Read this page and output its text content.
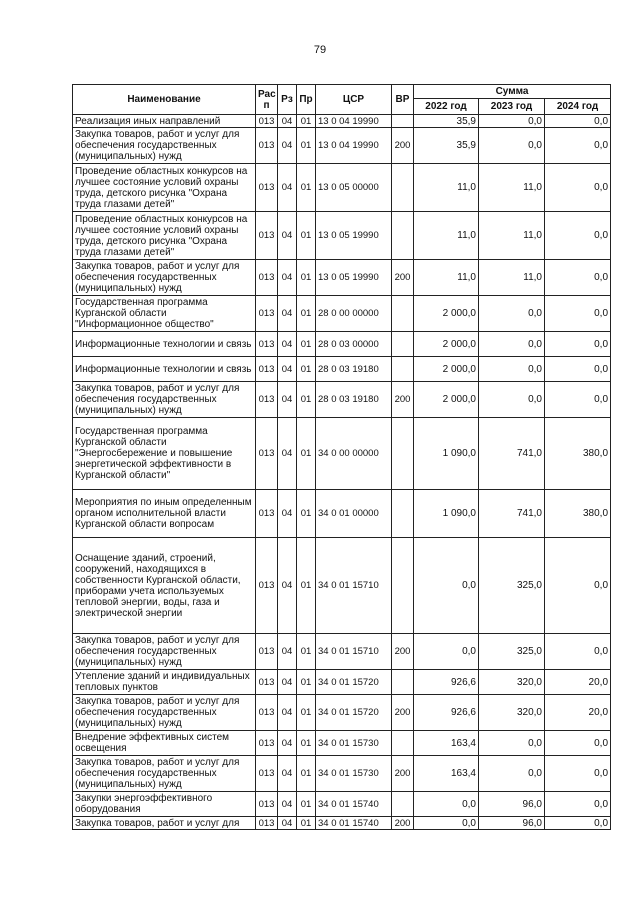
79
Наименование	Рас п	Рз	Пр	ЦСР	ВР	Сумма		
						2022 год	2023 год	2024 год
Реализация иных направлений	013	04	01	13 0 04 19990		35,9	0,0	0,0
Закупка товаров, работ и услуг для обеспечения государственных (муниципальных) нужд	013	04	01	13 0 04 19990	200	35,9	0,0	0,0
Проведение областных конкурсов на лучшее состояние условий охраны труда, детского рисунка "Охрана труда глазами детей"	013	04	01	13 0 05 00000		11,0	11,0	0,0
Проведение областных конкурсов на лучшее состояние условий охраны труда, детского рисунка "Охрана труда глазами детей"	013	04	01	13 0 05 19990		11,0	11,0	0,0
Закупка товаров, работ и услуг для обеспечения государственных (муниципальных) нужд	013	04	01	13 0 05 19990	200	11,0	11,0	0,0
Государственная программа Курганской области "Информационное общество"	013	04	01	28 0 00 00000		2 000,0	0,0	0,0
Информационные технологии и связь	013	04	01	28 0 03 00000		2 000,0	0,0	0,0
Информационные технологии и связь	013	04	01	28 0 03 19180		2 000,0	0,0	0,0
Закупка товаров, работ и услуг для обеспечения государственных (муниципальных) нужд	013	04	01	28 0 03 19180	200	2 000,0	0,0	0,0
Государственная программа Курганской области "Энергосбережение и повышение энергетической эффективности в Курганской области"	013	04	01	34 0 00 00000		1 090,0	741,0	380,0
Мероприятия по иным определенным органом исполнительной власти Курганской области вопросам	013	04	01	34 0 01 00000		1 090,0	741,0	380,0
Оснащение зданий, строений, сооружений, находящихся в собственности Курганской области, приборами учета используемых тепловой энергии, воды, газа и электрической энергии	013	04	01	34 0 01 15710		0,0	325,0	0,0
Закупка товаров, работ и услуг для обеспечения государственных (муниципальных) нужд	013	04	01	34 0 01 15710	200	0,0	325,0	0,0
Утепление зданий и индивидуальных тепловых пунктов	013	04	01	34 0 01 15720		926,6	320,0	20,0
Закупка товаров, работ и услуг для обеспечения государственных (муниципальных) нужд	013	04	01	34 0 01 15720	200	926,6	320,0	20,0
Внедрение эффективных систем освещения	013	04	01	34 0 01 15730		163,4	0,0	0,0
Закупка товаров, работ и услуг для обеспечения государственных (муниципальных) нужд	013	04	01	34 0 01 15730	200	163,4	0,0	0,0
Закупки энергоэффективного оборудования	013	04	01	34 0 01 15740		0,0	96,0	0,0
Закупка товаров, работ и услуг для	013	04	01	34 0 01 15740	200	0,0	96,0	0,0
